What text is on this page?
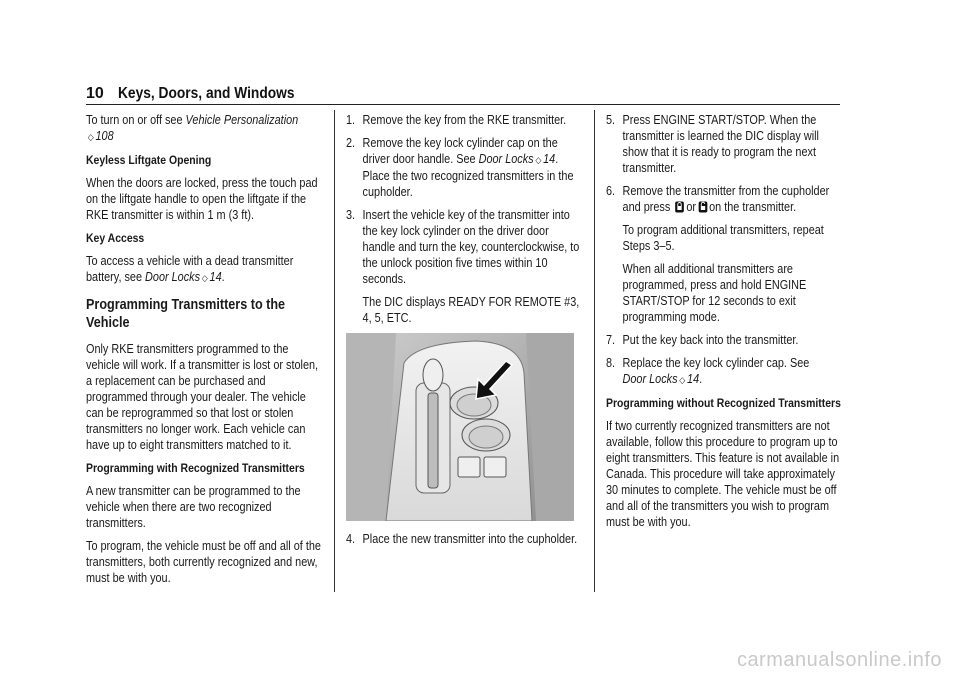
10 Keys, Doors, and Windows

To turn on or off see Vehicle Personalization
◇ 108

Keyless Liftgate Opening

When the doors are locked, press the touch pad on the liftgate handle to open the liftgate if the RKE transmitter is within 1 m (3 ft).

Key Access

To access a vehicle with a dead transmitter battery, see Door Locks ◇ 14.

Programming Transmitters to the Vehicle

Only RKE transmitters programmed to the vehicle will work. If a transmitter is lost or stolen, a replacement can be purchased and programmed through your dealer. The vehicle can be reprogrammed so that lost or stolen transmitters no longer work. Each vehicle can have up to eight transmitters matched to it.

Programming with Recognized Transmitters

A new transmitter can be programmed to the vehicle when there are two recognized transmitters.

To program, the vehicle must be off and all of the transmitters, both currently recognized and new, must be with you.

1. Remove the key from the RKE transmitter.
2. Remove the key lock cylinder cap on the driver door handle. See Door Locks ◇ 14. Place the two recognized transmitters in the cupholder.
3. Insert the vehicle key of the transmitter into the key lock cylinder on the driver door handle and turn the key, counterclockwise, to the unlock position five times within 10 seconds.
The DIC displays READY FOR REMOTE #3, 4, 5, ETC.
4. Place the new transmitter into the cupholder.
5. Press ENGINE START/STOP. When the transmitter is learned the DIC display will show that it is ready to program the next transmitter.
6. Remove the transmitter from the cupholder and press or on the transmitter.
To program additional transmitters, repeat Steps 3–5.
When all additional transmitters are programmed, press and hold ENGINE START/STOP for 12 seconds to exit programming mode.
7. Put the key back into the transmitter.
8. Replace the key lock cylinder cap. See
Door Locks ◇ 14.

Programming without Recognized Transmitters

If two currently recognized transmitters are not available, follow this procedure to program up to eight transmitters. This feature is not available in Canada. This procedure will take approximately 30 minutes to complete. The vehicle must be off and all of the transmitters you wish to program must be with you.

carmanualsonline.info
